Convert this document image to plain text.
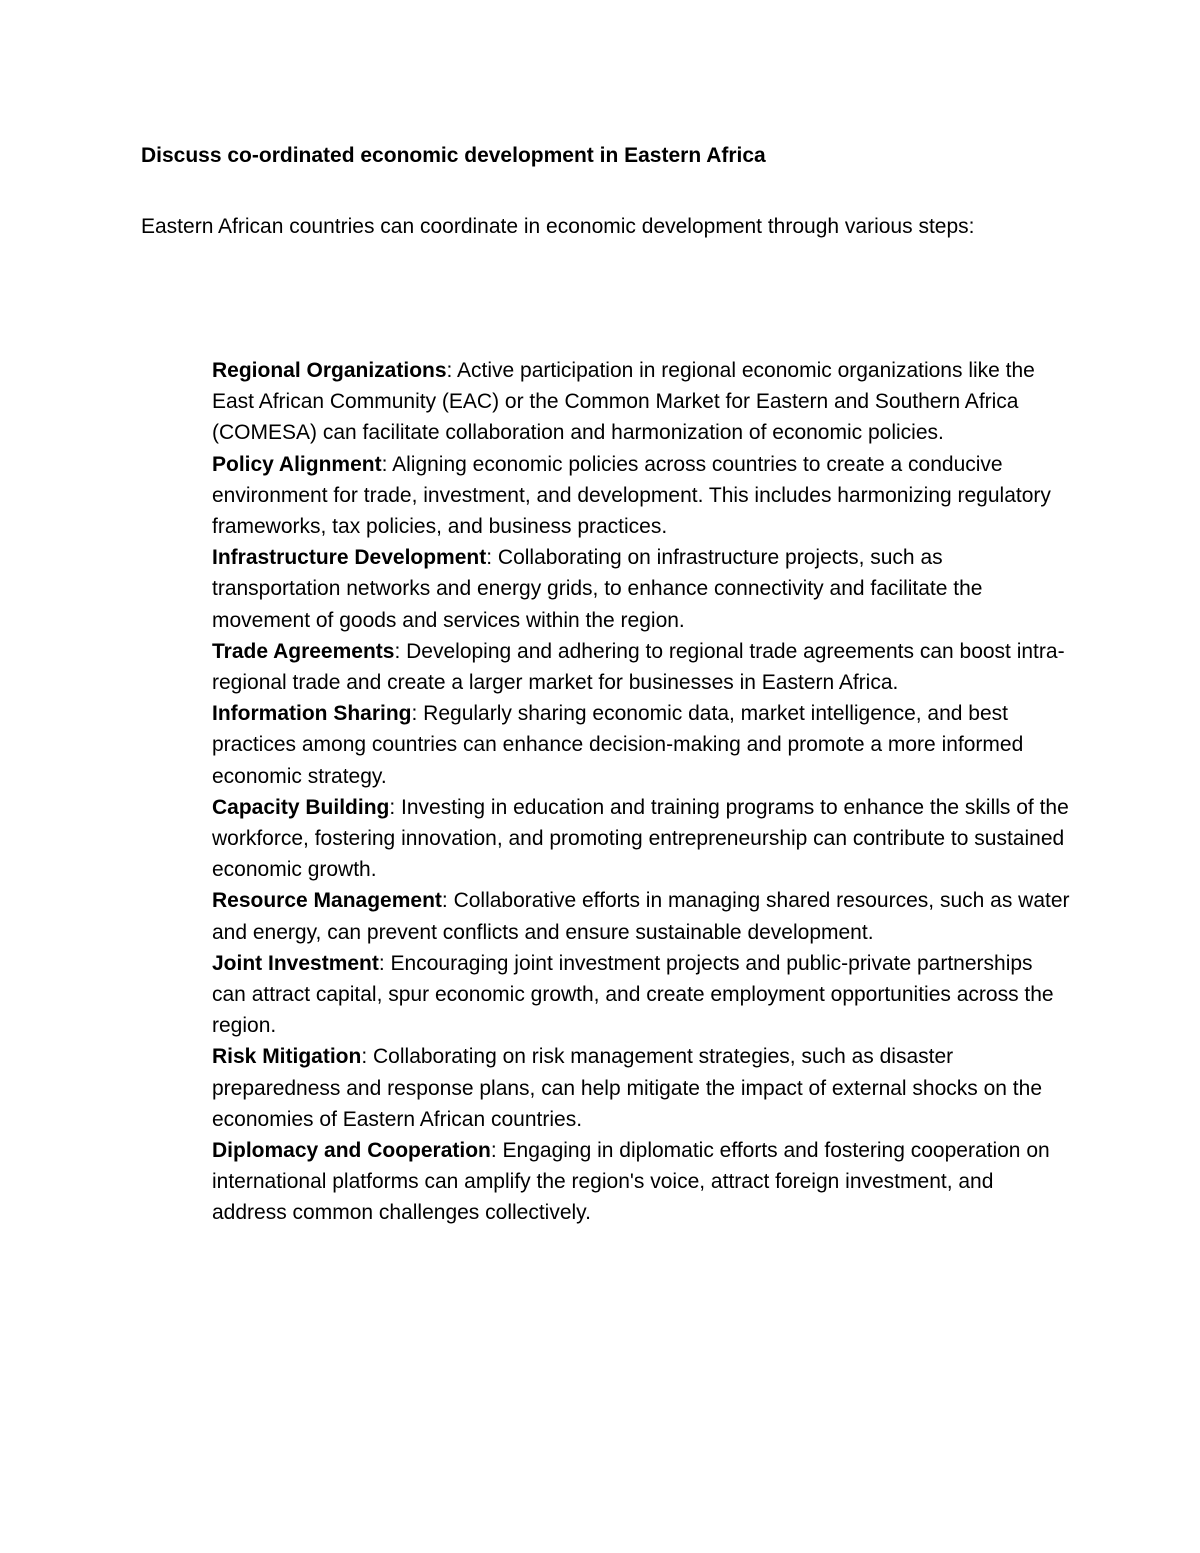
Discuss co-ordinated economic development in Eastern Africa
Eastern African countries can coordinate in economic development through various steps:
Regional Organizations: Active participation in regional economic organizations like the East African Community (EAC) or the Common Market for Eastern and Southern Africa (COMESA) can facilitate collaboration and harmonization of economic policies.
Policy Alignment: Aligning economic policies across countries to create a conducive environment for trade, investment, and development. This includes harmonizing regulatory frameworks, tax policies, and business practices.
Infrastructure Development: Collaborating on infrastructure projects, such as transportation networks and energy grids, to enhance connectivity and facilitate the movement of goods and services within the region.
Trade Agreements: Developing and adhering to regional trade agreements can boost intra-regional trade and create a larger market for businesses in Eastern Africa.
Information Sharing: Regularly sharing economic data, market intelligence, and best practices among countries can enhance decision-making and promote a more informed economic strategy.
Capacity Building: Investing in education and training programs to enhance the skills of the workforce, fostering innovation, and promoting entrepreneurship can contribute to sustained economic growth.
Resource Management: Collaborative efforts in managing shared resources, such as water and energy, can prevent conflicts and ensure sustainable development.
Joint Investment: Encouraging joint investment projects and public-private partnerships can attract capital, spur economic growth, and create employment opportunities across the region.
Risk Mitigation: Collaborating on risk management strategies, such as disaster preparedness and response plans, can help mitigate the impact of external shocks on the economies of Eastern African countries.
Diplomacy and Cooperation: Engaging in diplomatic efforts and fostering cooperation on international platforms can amplify the region's voice, attract foreign investment, and address common challenges collectively.
